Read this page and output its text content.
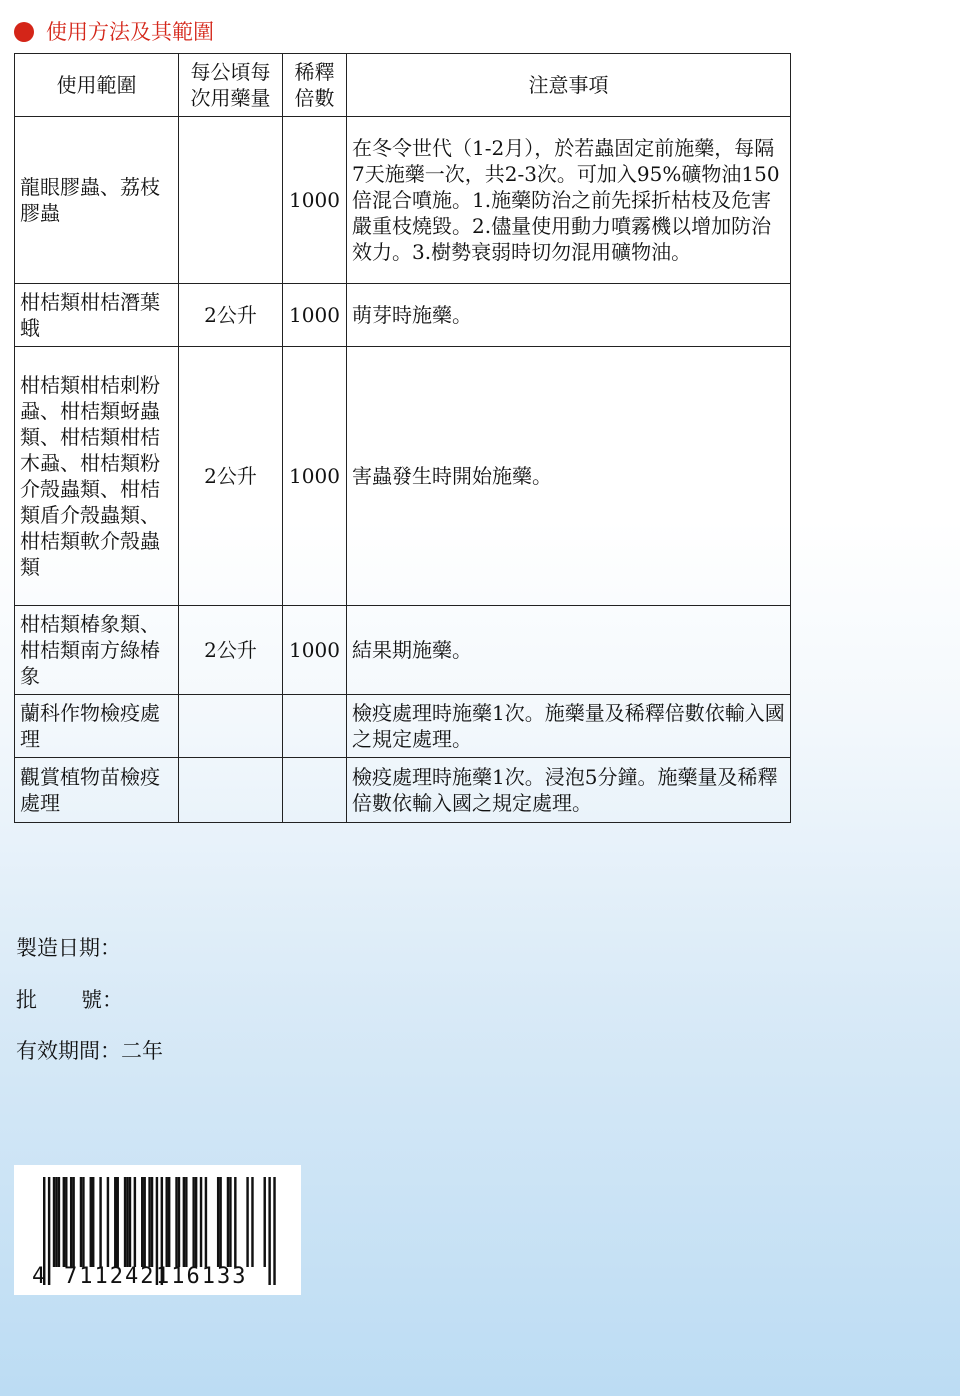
使用方法及其範圍
使用範圍	每公頃每次用藥量	稀釋倍數	注意事項
龍眼膠蟲、荔枝膠蟲		1000	在冬令世代（1-2月），於若蟲固定前施藥，每隔7天施藥一次，共2-3次。可加入95%礦物油150倍混合噴施。1.施藥防治之前先採折枯枝及危害嚴重枝燒毀。2.儘量使用動力噴霧機以增加防治效力。3.樹勢衰弱時切勿混用礦物油。
柑桔類柑桔潛葉蛾	2公升	1000	萌芽時施藥。
柑桔類柑桔刺粉蝨、柑桔類蚜蟲類、柑桔類柑桔木蝨、柑桔類粉介殼蟲類、柑桔類盾介殼蟲類、柑桔類軟介殼蟲類	2公升	1000	害蟲發生時開始施藥。
柑桔類椿象類、柑桔類南方綠椿象	2公升	1000	結果期施藥。
蘭科作物檢疫處理			檢疫處理時施藥1次。施藥量及稀釋倍數依輸入國之規定處理。
觀賞植物苗檢疫處理			檢疫處理時施藥1次。浸泡5分鐘。施藥量及稀釋倍數依輸入國之規定處理。
製造日期：
批 號：
有效期間：二年
4 711242 116133
